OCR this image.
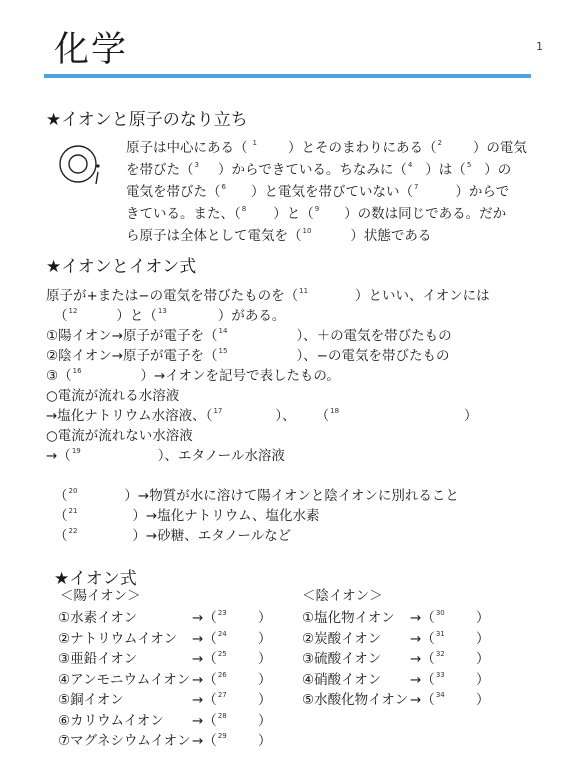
化学	1
★イオンと原子のなり立ち
原子は中心にある（ $^1$ ）とそのまわりにある（$^2$ ）の電気
を帯びた（$^3$ ）からできている。ちなみに（$^4$ ）は（$^5$ ）の
電気を帯びた（$^6$ ）と電気を帯びていない（$^7$	）からで
きている。また、（$^8$ ）と（$^9$ ）の数は同じである。だか
ら原子は全体として電気を（$^{10}$	）状態である
★イオンとイオン式
原子が+または−の電気を帯びたものを（$^{11}$	）といい、イオンには
（$^{12}$	）と（$^{13}$	）がある。
①陽イオン→原子が電子を（$^{14}$	）、＋の電気を帯びたもの
②陰イオン→原子が電子を（$^{15}$	）、−の電気を帯びたもの
③（$^{16}$	）→イオンを記号で表したもの。
○電流が流れる水溶液
→塩化ナトリウム水溶液、（$^{17}$	）、 （$^{18}$	）
○電流が流れない水溶液
→（$^{19}$	）、エタノール水溶液
（$^{20}$	）→物質が水に溶けて陽イオンと陰イオンに別れること
（$^{21}$	）→塩化ナトリウム、塩化水素
（$^{22}$	）→砂糖、エタノールなど
★イオン式
＜陽イオン＞	＜陰イオン＞
①水素イオン	→（$^{23}$ ）
②ナトリウムイオン →（$^{24}$ ）
③亜鉛イオン	→（$^{25}$ ）
④アンモニウムイオン →（$^{26}$ ）
⑤銅イオン	→（$^{27}$ ）
⑥カリウムイオン →（$^{28}$ ）
⑦マグネシウムイオン →（$^{29}$ ）
①塩化物イオン →（$^{30}$ ）
②炭酸イオン →（$^{31}$ ）
③硫酸イオン →（$^{32}$ ）
④硝酸イオン →（$^{33}$ ）
⑤水酸化物イオン →（$^{34}$ ）
